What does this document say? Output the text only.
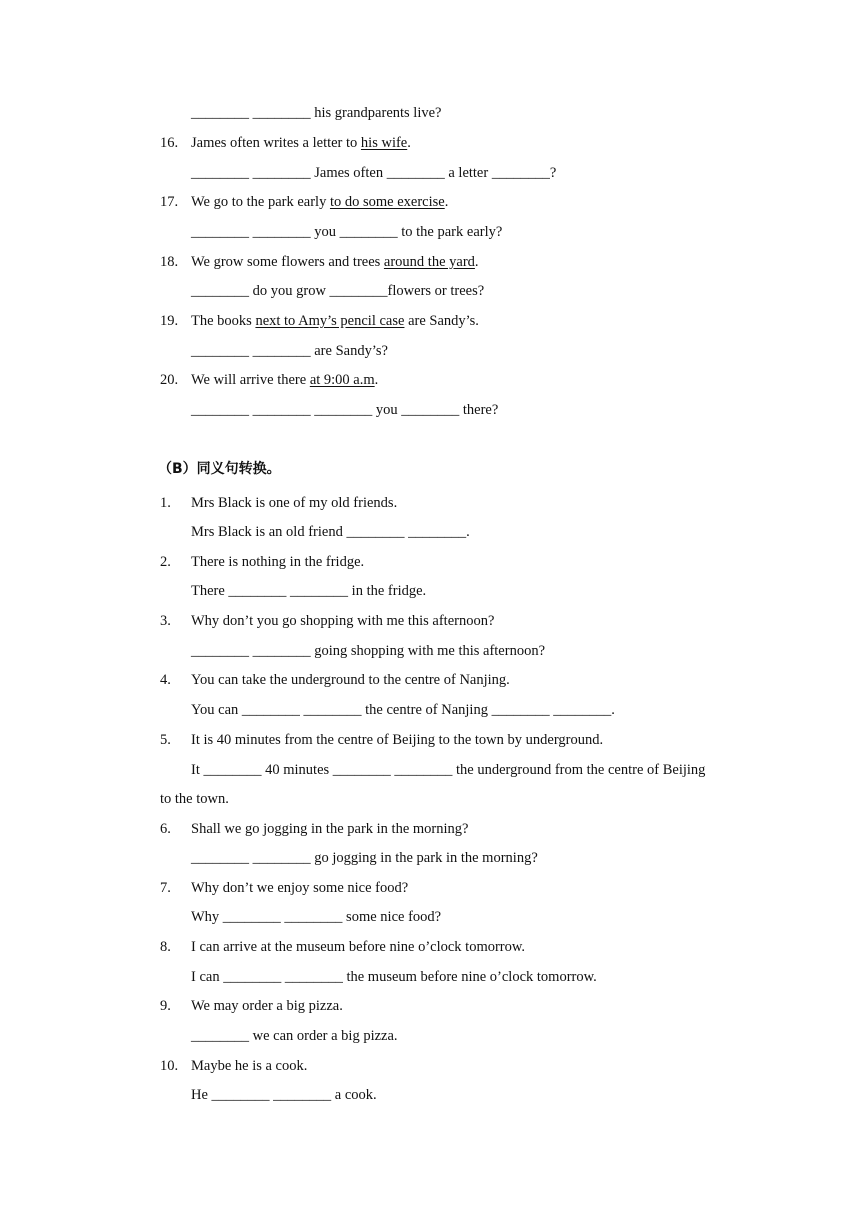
________ ________ his grandparents live?
16. James often writes a letter to his wife.
________ ________ James often ________ a letter ________?
17. We go to the park early to do some exercise.
________ ________ you ________ to the park early?
18. We grow some flowers and trees around the yard.
________ do you grow ________flowers or trees?
19. The books next to Amy’s pencil case are Sandy’s.
________ ________ are Sandy’s?
20. We will arrive there at 9:00 a.m.
________ ________ ________ you ________ there?
（B）同义句转换。
1. Mrs Black is one of my old friends.
Mrs Black is an old friend ________ ________.
2. There is nothing in the fridge.
There ________ ________ in the fridge.
3. Why don’t you go shopping with me this afternoon?
________ ________ going shopping with me this afternoon?
4. You can take the underground to the centre of Nanjing.
You can ________ ________ the centre of Nanjing ________ ________.
5. It is 40 minutes from the centre of Beijing to the town by underground.
It ________ 40 minutes ________ ________ the underground from the centre of Beijing
to the town.
6. Shall we go jogging in the park in the morning?
________ ________ go jogging in the park in the morning?
7. Why don’t we enjoy some nice food?
Why ________ ________ some nice food?
8. I can arrive at the museum before nine o’clock tomorrow.
I can ________ ________ the museum before nine o’clock tomorrow.
9. We may order a big pizza.
________ we can order a big pizza.
10. Maybe he is a cook.
He ________ ________ a cook.
